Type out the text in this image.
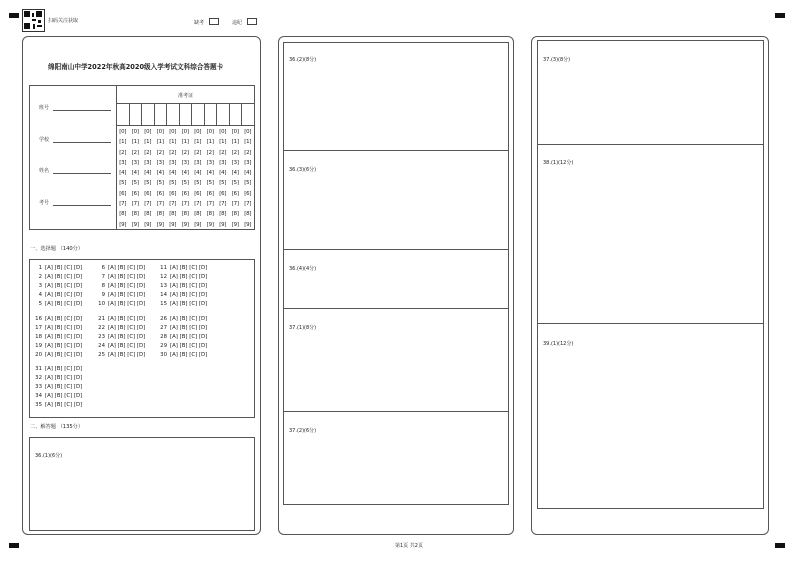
扫码关注获取	缺考	违纪
绵阳南山中学2022年秋高2020级入学考试文科综合答题卡
准考证
[0]
[1]
[2]
[3]
[4]
[5]
[6]
[7]
[8]
[9]
[0]
[1]
[2]
[3]
[4]
[5]
[6]
[7]
[8]
[9]
[0]
[1]
[2]
[3]
[4]
[5]
[6]
[7]
[8]
[9]
[0]
[1]
[2]
[3]
[4]
[5]
[6]
[7]
[8]
[9]
[0]
[1]
[2]
[3]
[4]
[5]
[6]
[7]
[8]
[9]
[0]
[1]
[2]
[3]
[4]
[5]
[6]
[7]
[8]
[9]
[0]
[1]
[2]
[3]
[4]
[5]
[6]
[7]
[8]
[9]
[0]
[1]
[2]
[3]
[4]
[5]
[6]
[7]
[8]
[9]
[0]
[1]
[2]
[3]
[4]
[5]
[6]
[7]
[8]
[9]
[0]
[1]
[2]
[3]
[4]
[5]
[6]
[7]
[8]
[9]
[0]
[1]
[2]
[3]
[4]
[5]
[6]
[7]
[8]
[9]
班号
学校
姓名
考号
一、选择题 （140分）
1 [A] [B] [C] [D]
2 [A] [B] [C] [D]
3 [A] [B] [C] [D]
4 [A] [B] [C] [D]
5 [A] [B] [C] [D]
6 [A] [B] [C] [D]
7 [A] [B] [C] [D]
8 [A] [B] [C] [D]
9 [A] [B] [C] [D]
10 [A] [B] [C] [D]
11 [A] [B] [C] [D]
12 [A] [B] [C] [D]
13 [A] [B] [C] [D]
14 [A] [B] [C] [D]
15 [A] [B] [C] [D]
16 [A] [B] [C] [D]
17 [A] [B] [C] [D]
18 [A] [B] [C] [D]
19 [A] [B] [C] [D]
20 [A] [B] [C] [D]
21 [A] [B] [C] [D]
22 [A] [B] [C] [D]
23 [A] [B] [C] [D]
24 [A] [B] [C] [D]
25 [A] [B] [C] [D]
26 [A] [B] [C] [D]
27 [A] [B] [C] [D]
28 [A] [B] [C] [D]
29 [A] [B] [C] [D]
30 [A] [B] [C] [D]
31 [A] [B] [C] [D]
32 [A] [B] [C] [D]
33 [A] [B] [C] [D]
34 [A] [B] [C] [D]
35 [A] [B] [C] [D]
二、解答题 （135分）
36.(1)(6分)
36.(2)(8分)
36.(3)(6分)
36.(4)(4分)
37.(1)(8分)
37.(2)(6分)
37.(3)(8分)
38.(1)(12分)
39.(1)(12分)
第1页 共2页
